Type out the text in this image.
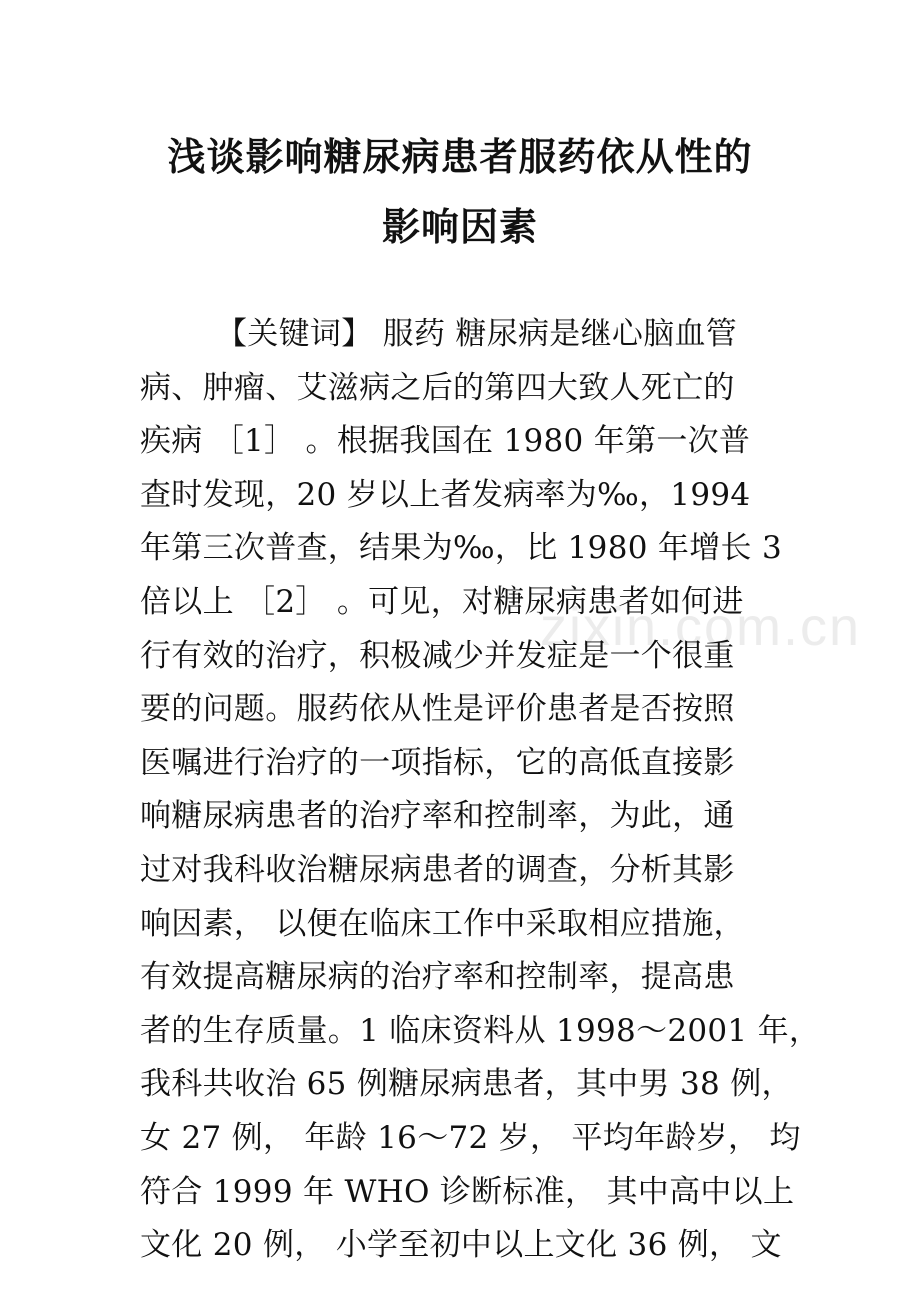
浅谈影响糖尿病患者服药依从性的
影响因素
zixin.com.cn
【关键词】 服药 糖尿病是继心脑血管
病、肿瘤、艾滋病之后的第四大致人死亡的
疾病 ［1］ 。根据我国在 1980 年第一次普
查时发现，20 岁以上者发病率为‰，1994
年第三次普查，结果为‰，比 1980 年增长 3
倍以上 ［2］ 。可见，对糖尿病患者如何进
行有效的治疗，积极减少并发症是一个很重
要的问题。服药依从性是评价患者是否按照
医嘱进行治疗的一项指标，它的高低直接影
响糖尿病患者的治疗率和控制率，为此，通
过对我科收治糖尿病患者的调查，分析其影
响因素， 以便在临床工作中采取相应措施，
有效提高糖尿病的治疗率和控制率，提高患
者的生存质量。1 临床资料从 1998～2001 年，
我科共收治 65 例糖尿病患者，其中男 38 例，
女 27 例， 年龄 16～72 岁， 平均年龄岁， 均
符合 1999 年 WHO 诊断标准， 其中高中以上
文化 20 例， 小学至初中以上文化 36 例， 文
